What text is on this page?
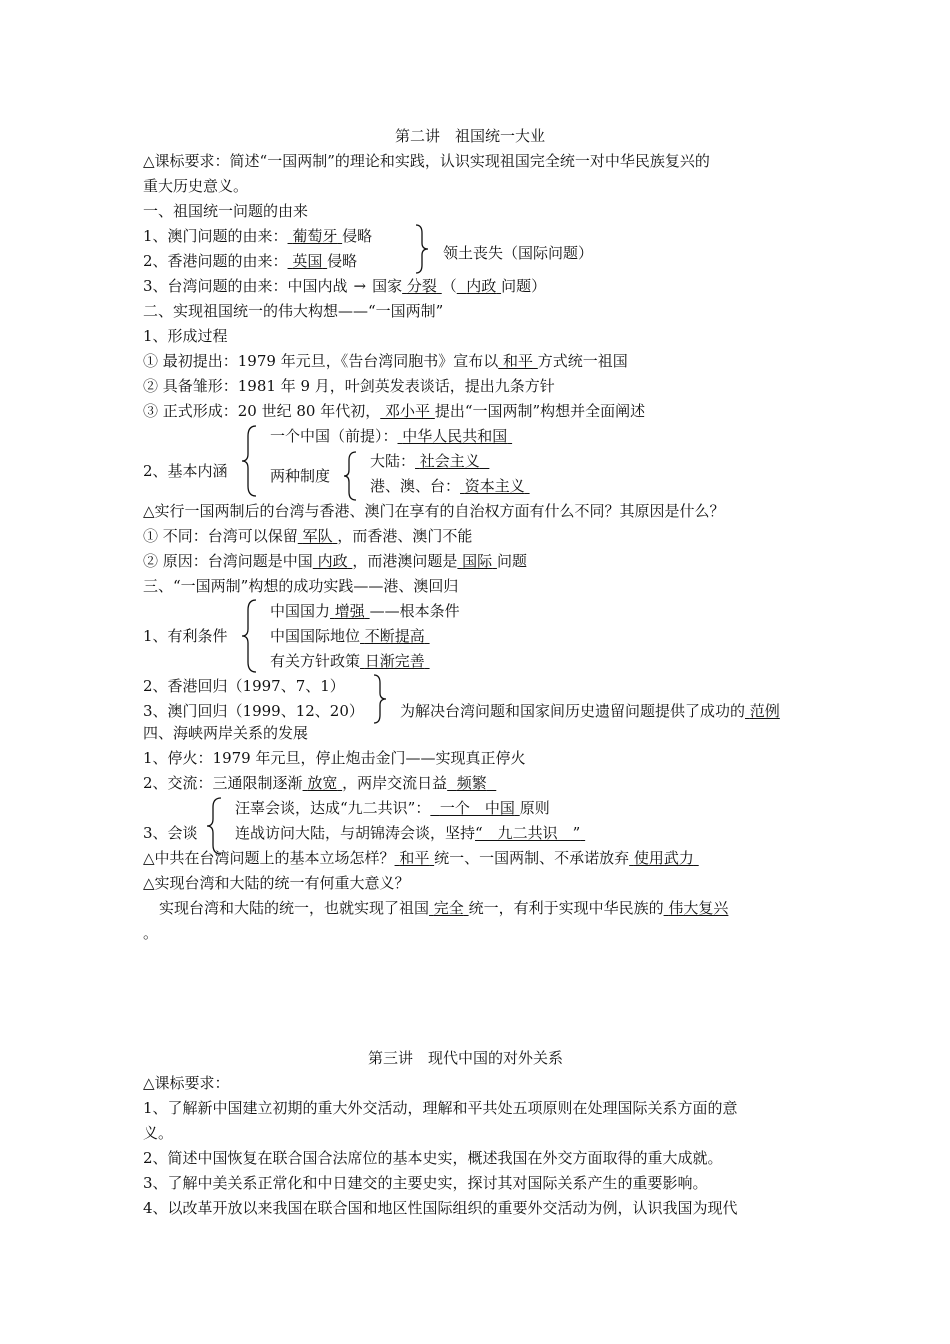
第二讲　祖国统一大业
△课标要求：简述“一国两制”的理论和实践，认识实现祖国完全统一对中华民族复兴的
重大历史意义。
一、祖国统一问题的由来
1、澳门问题的由来： 葡萄牙 侵略
2、香港问题的由来： 英国 侵略	领土丧失（国际问题）
3、台湾问题的由来：中国内战 → 国家 分裂 （ 内政 问题）
二、实现祖国统一的伟大构想——“一国两制”
1、形成过程
① 最初提出：1979 年元旦，《告台湾同胞书》宣布以 和平 方式统一祖国
② 具备雏形：1981 年 9 月，叶剑英发表谈话，提出九条方针
③ 正式形成：20 世纪 80 年代初， 邓小平 提出“一国两制”构想并全面阐述
2、基本内涵
一个中国（前提）： 中华人民共和国
两种制度
大陆： 社会主义
港、澳、台： 资本主义
△实行一国两制后的台湾与香港、澳门在享有的自治权方面有什么不同？其原因是什么？
① 不同：台湾可以保留 军队 ，而香港、澳门不能
② 原因：台湾问题是中国 内政 ，而港澳问题是 国际 问题
三、“一国两制”构想的成功实践——港、澳回归
1、有利条件
中国国力 增强 ——根本条件
中国国际地位 不断提高
有关方针政策 日渐完善
2、香港回归（1997、7、1）
3、澳门回归（1999、12、20） 为解决台湾问题和国家间历史遗留问题提供了成功的 范例
四、海峡两岸关系的发展
1、停火：1979 年元旦，停止炮击金门——实现真正停火
2、交流：三通限制逐渐 放宽 ，两岸交流日益 频繁
3、会谈
汪辜会谈，达成“九二共识”： 一个　中国 原则
连战访问大陆，与胡锦涛会谈，坚持“　九二共识　”
△中共在台湾问题上的基本立场怎样？ 和平 统一、一国两制、不承诺放弃 使用武力
△实现台湾和大陆的统一有何重大意义？
实现台湾和大陆的统一，也就实现了祖国 完全 统一，有利于实现中华民族的 伟大复兴
。
第三讲　现代中国的对外关系
△课标要求：
1、了解新中国建立初期的重大外交活动，理解和平共处五项原则在处理国际关系方面的意
义。
2、简述中国恢复在联合国合法席位的基本史实，概述我国在外交方面取得的重大成就。
3、了解中美关系正常化和中日建交的主要史实，探讨其对国际关系产生的重要影响。
4、以改革开放以来我国在联合国和地区性国际组织的重要外交活动为例，认识我国为现代
